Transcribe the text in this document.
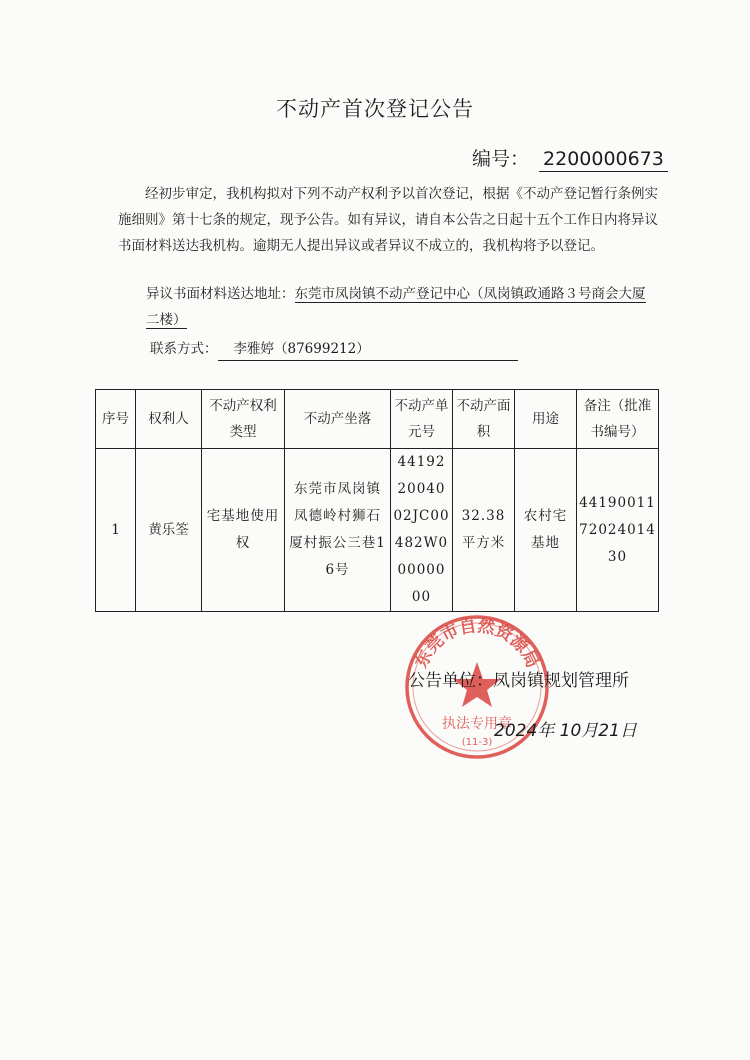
不动产首次登记公告
编号： 2200000673
经初步审定，我机构拟对下列不动产权利予以首次登记，根据《不动产登记暂行条例实施细则》第十七条的规定，现予公告。如有异议，请自本公告之日起十五个工作日内将异议书面材料送达我机构。逾期无人提出异议或者异议不成立的，我机构将予以登记。
异议书面材料送达地址：东莞市凤岗镇不动产登记中心（凤岗镇政通路３号商会大厦二楼）
联系方式： 李雅婷（87699212）
序号	权利人	不动产权利类型	不动产坐落	不动产单元号	不动产面积	用途	备注（批准书编号）
1	黄乐筌	宅基地使用权	东莞市凤岗镇凤德岭村狮石厦村振公三巷16号	441922004002JC00482W00000000	32.38平方米	农村宅基地	441900117202401430
东莞市自然资源局
执法专用章
(11-3)
公告单位：凤岗镇规划管理所
2024年 10月21日
